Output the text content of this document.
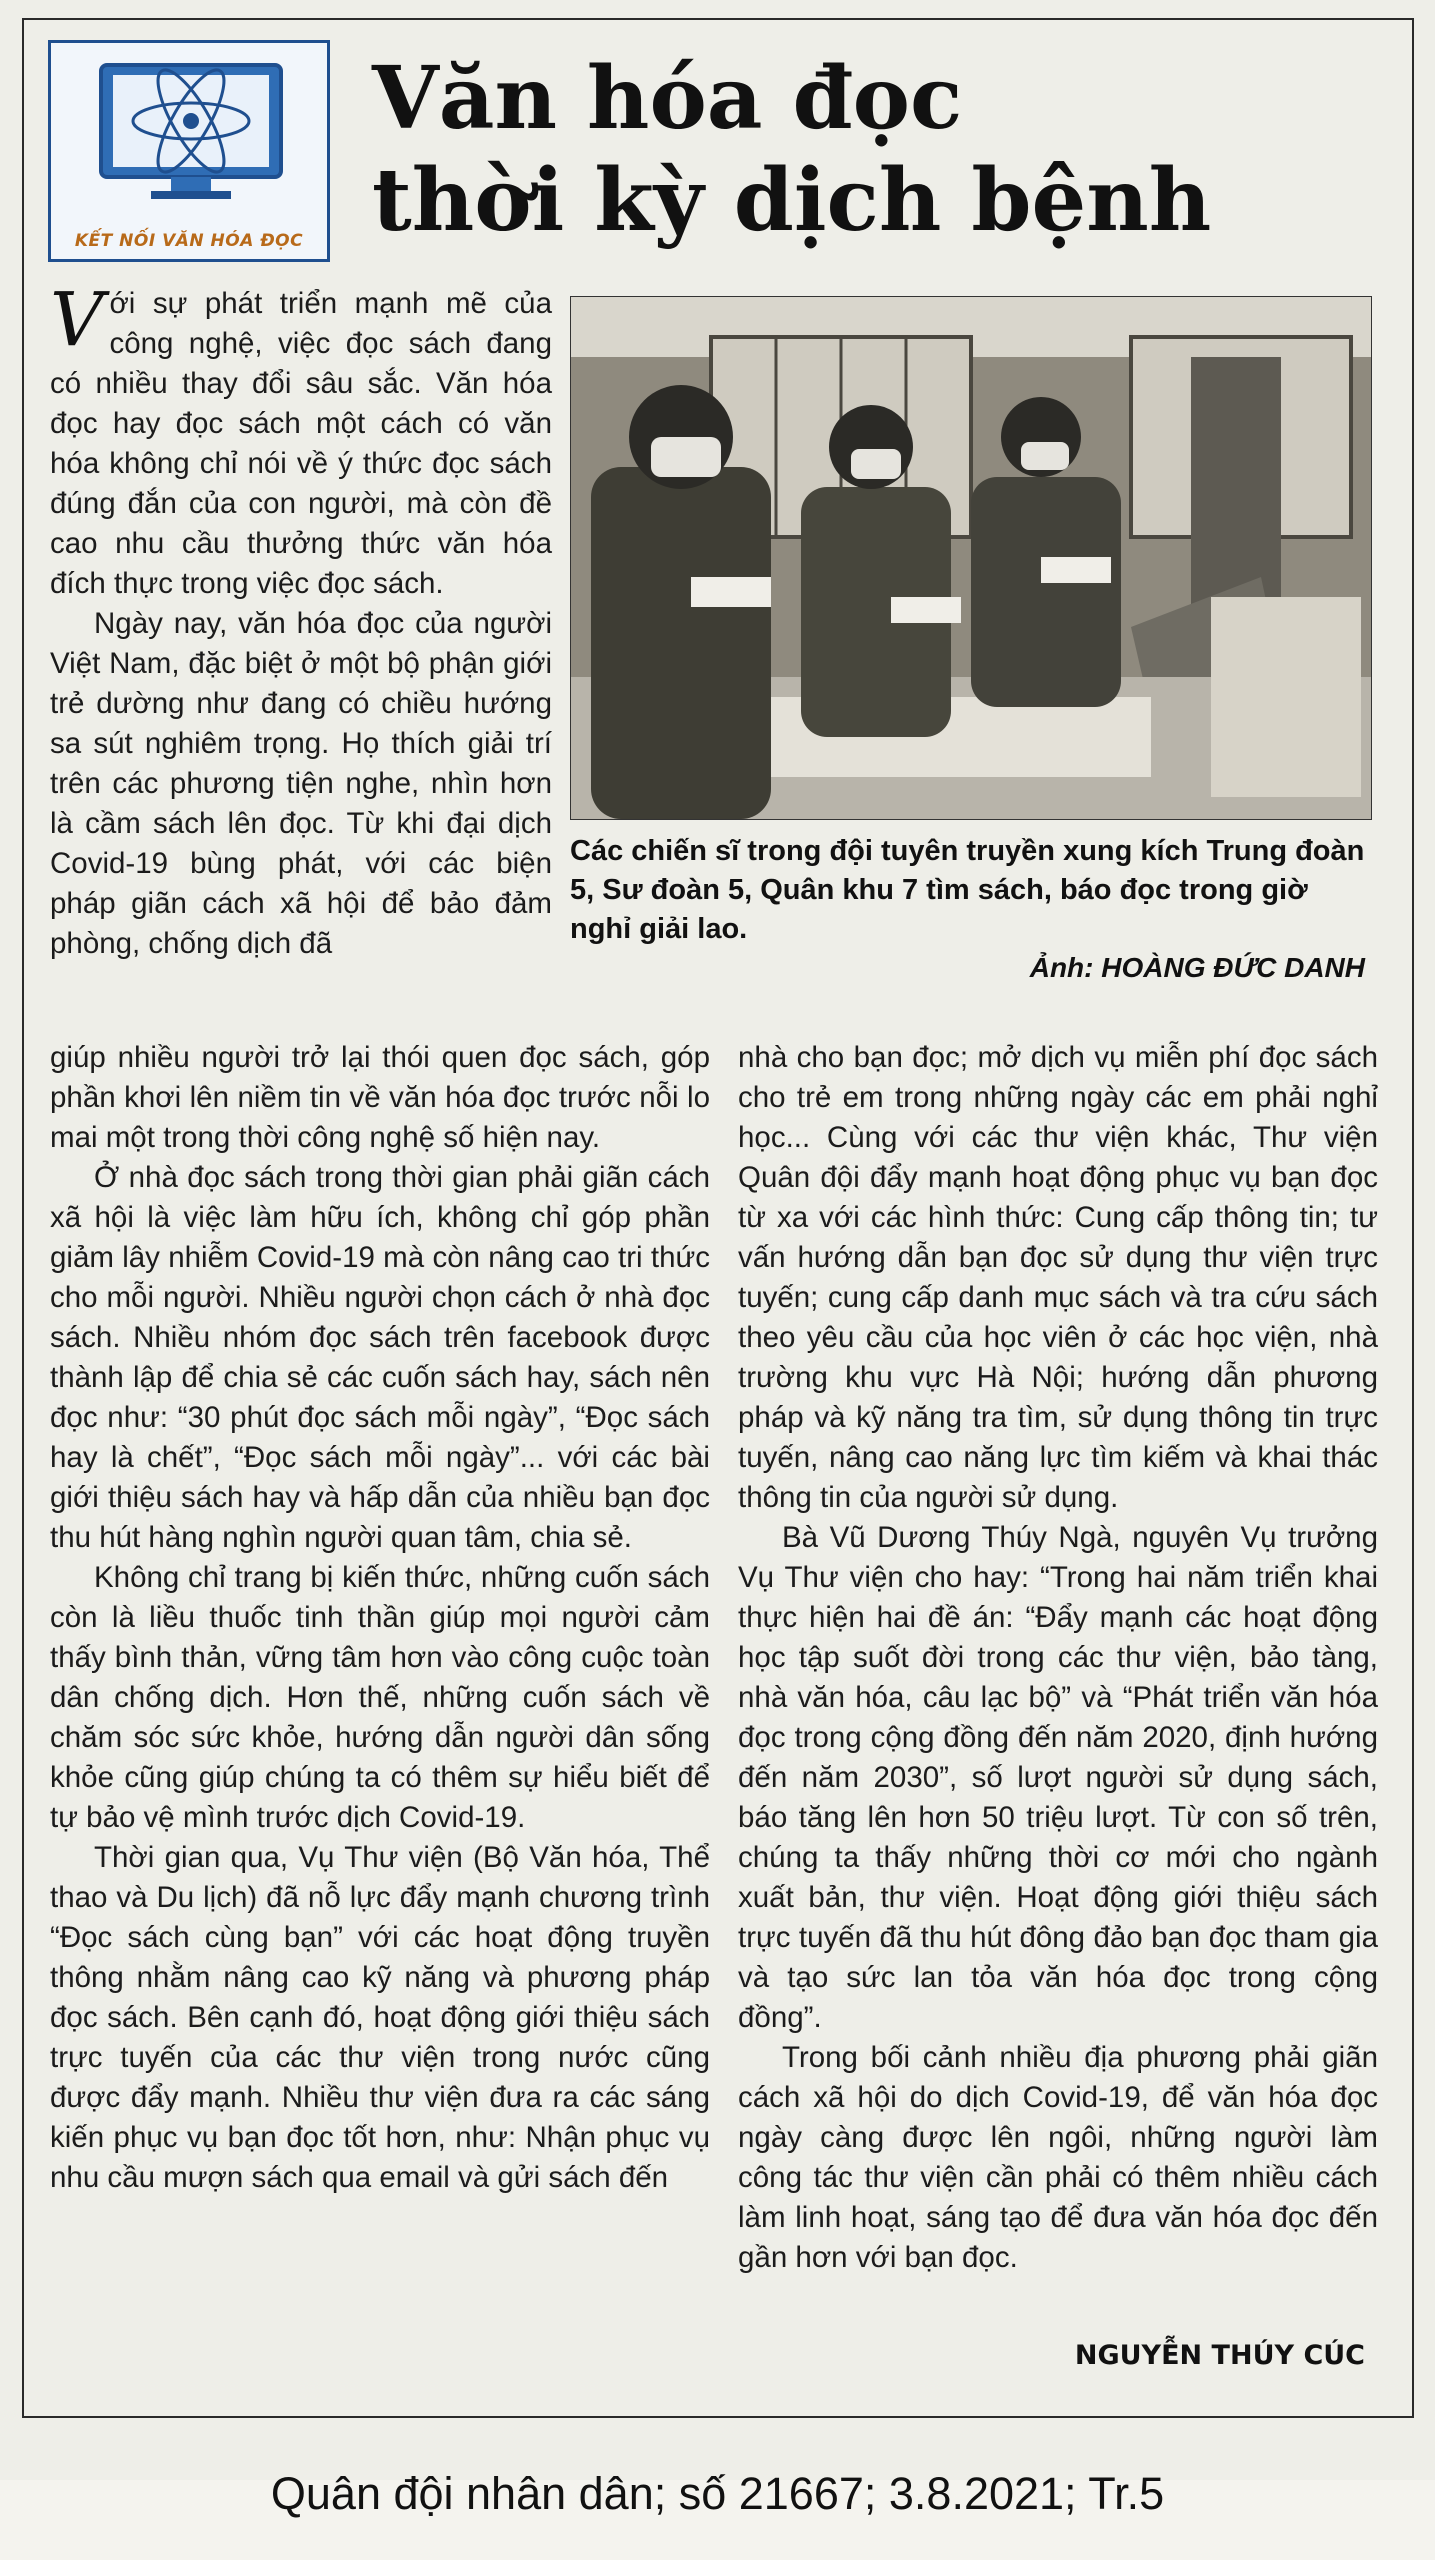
KẾT NỐI VĂN HÓA ĐỌC
Văn hóa đọc
thời kỳ dịch bệnh

Với sự phát triển mạnh mẽ của công nghệ, việc đọc sách đang có nhiều thay đổi sâu sắc. Văn hóa đọc hay đọc sách một cách có văn hóa không chỉ nói về ý thức đọc sách đúng đắn của con người, mà còn đề cao nhu cầu thưởng thức văn hóa đích thực trong việc đọc sách.

Ngày nay, văn hóa đọc của người Việt Nam, đặc biệt ở một bộ phận giới trẻ dường như đang có chiều hướng sa sút nghiêm trọng. Họ thích giải trí trên các phương tiện nghe, nhìn hơn là cầm sách lên đọc. Từ khi đại dịch Covid-19 bùng phát, với các biện pháp giãn cách xã hội để bảo đảm phòng, chống dịch đã

Các chiến sĩ trong đội tuyên truyền xung kích Trung đoàn 5, Sư đoàn 5, Quân khu 7 tìm sách, báo đọc trong giờ nghỉ giải lao.
Ảnh: HOÀNG ĐỨC DANH

giúp nhiều người trở lại thói quen đọc sách, góp phần khơi lên niềm tin về văn hóa đọc trước nỗi lo mai một trong thời công nghệ số hiện nay.

Ở nhà đọc sách trong thời gian phải giãn cách xã hội là việc làm hữu ích, không chỉ góp phần giảm lây nhiễm Covid-19 mà còn nâng cao tri thức cho mỗi người. Nhiều người chọn cách ở nhà đọc sách. Nhiều nhóm đọc sách trên facebook được thành lập để chia sẻ các cuốn sách hay, sách nên đọc như: “30 phút đọc sách mỗi ngày”, “Đọc sách hay là chết”, “Đọc sách mỗi ngày”... với các bài giới thiệu sách hay và hấp dẫn của nhiều bạn đọc thu hút hàng nghìn người quan tâm, chia sẻ.

Không chỉ trang bị kiến thức, những cuốn sách còn là liều thuốc tinh thần giúp mọi người cảm thấy bình thản, vững tâm hơn vào công cuộc toàn dân chống dịch. Hơn thế, những cuốn sách về chăm sóc sức khỏe, hướng dẫn người dân sống khỏe cũng giúp chúng ta có thêm sự hiểu biết để tự bảo vệ mình trước dịch Covid-19.

Thời gian qua, Vụ Thư viện (Bộ Văn hóa, Thể thao và Du lịch) đã nỗ lực đẩy mạnh chương trình “Đọc sách cùng bạn” với các hoạt động truyền thông nhằm nâng cao kỹ năng và phương pháp đọc sách. Bên cạnh đó, hoạt động giới thiệu sách trực tuyến của các thư viện trong nước cũng được đẩy mạnh. Nhiều thư viện đưa ra các sáng kiến phục vụ bạn đọc tốt hơn, như: Nhận phục vụ nhu cầu mượn sách qua email và gửi sách đến

nhà cho bạn đọc; mở dịch vụ miễn phí đọc sách cho trẻ em trong những ngày các em phải nghỉ học... Cùng với các thư viện khác, Thư viện Quân đội đẩy mạnh hoạt động phục vụ bạn đọc từ xa với các hình thức: Cung cấp thông tin; tư vấn hướng dẫn bạn đọc sử dụng thư viện trực tuyến; cung cấp danh mục sách và tra cứu sách theo yêu cầu của học viên ở các học viện, nhà trường khu vực Hà Nội; hướng dẫn phương pháp và kỹ năng tra tìm, sử dụng thông tin trực tuyến, nâng cao năng lực tìm kiếm và khai thác thông tin của người sử dụng.

Bà Vũ Dương Thúy Ngà, nguyên Vụ trưởng Vụ Thư viện cho hay: “Trong hai năm triển khai thực hiện hai đề án: “Đẩy mạnh các hoạt động học tập suốt đời trong các thư viện, bảo tàng, nhà văn hóa, câu lạc bộ” và “Phát triển văn hóa đọc trong cộng đồng đến năm 2020, định hướng đến năm 2030”, số lượt người sử dụng sách, báo tăng lên hơn 50 triệu lượt. Từ con số trên, chúng ta thấy những thời cơ mới cho ngành xuất bản, thư viện. Hoạt động giới thiệu sách trực tuyến đã thu hút đông đảo bạn đọc tham gia và tạo sức lan tỏa văn hóa đọc trong cộng đồng”.

Trong bối cảnh nhiều địa phương phải giãn cách xã hội do dịch Covid-19, để văn hóa đọc ngày càng được lên ngôi, những người làm công tác thư viện cần phải có thêm nhiều cách làm linh hoạt, sáng tạo để đưa văn hóa đọc đến gần hơn với bạn đọc.

NGUYỄN THÚY CÚC
Quân đội nhân dân; số 21667; 3.8.2021; Tr.5
